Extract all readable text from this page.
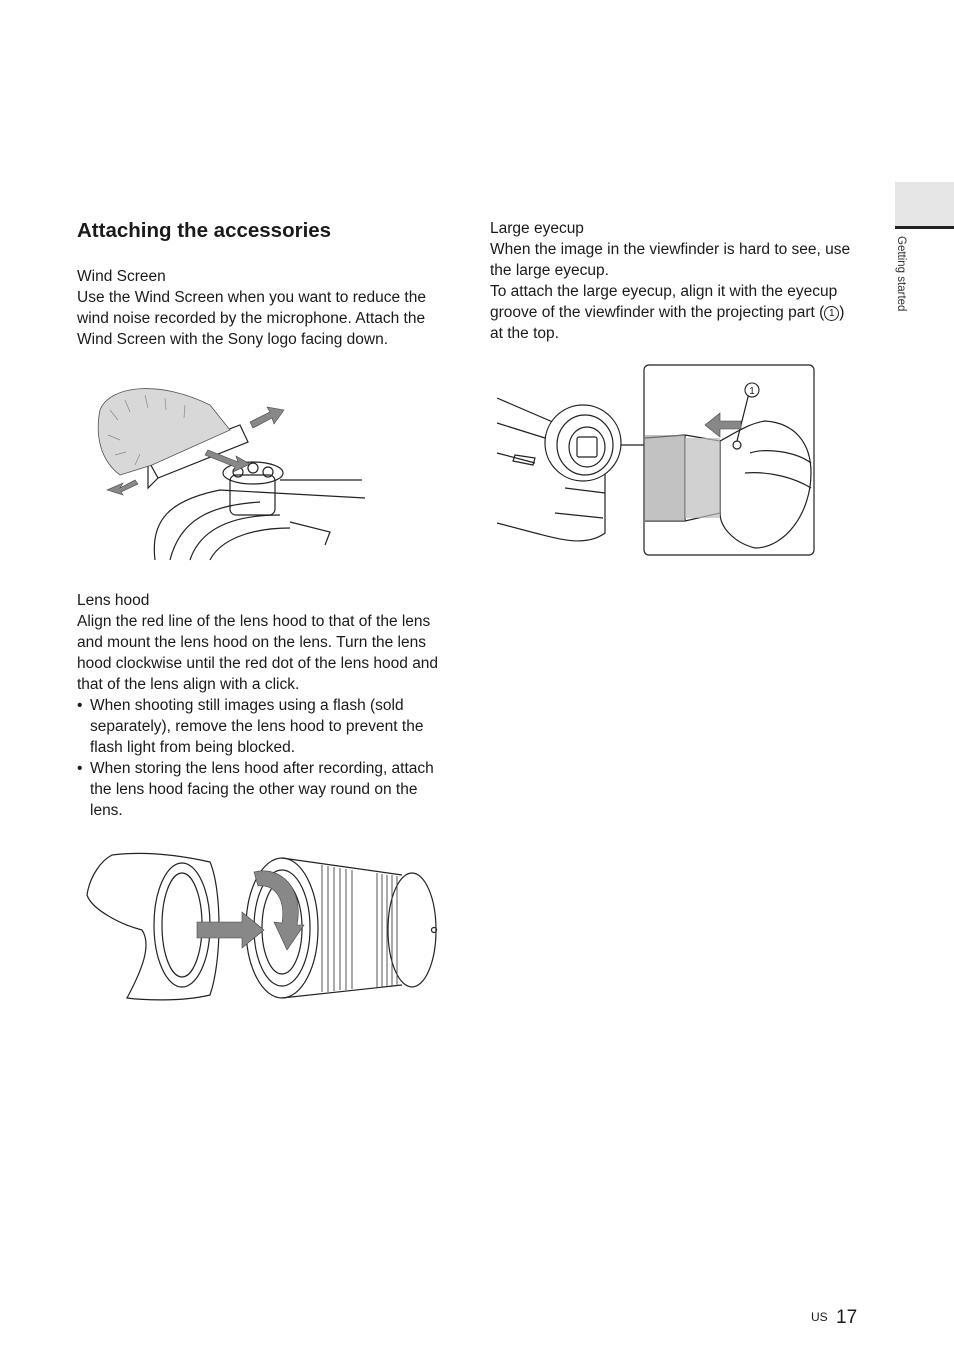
Getting started
Attaching the accessories

Wind Screen

Use the Wind Screen when you want to reduce the wind noise recorded by the microphone. Attach the Wind Screen with the Sony logo facing down.

Lens hood

Align the red line of the lens hood to that of the lens and mount the lens hood on the lens. Turn the lens hood clockwise until the red dot of the lens hood and that of the lens align with a click.

• When shooting still images using a flash (sold separately), remove the lens hood to prevent the flash light from being blocked.
• When storing the lens hood after recording, attach the lens hood facing the other way round on the lens.

Large eyecup

When the image in the viewfinder is hard to see, use the large eyecup.

To attach the large eyecup, align it with the eyecup groove of the viewfinder with the projecting part ( 1 ) at the top.

1
US 17
